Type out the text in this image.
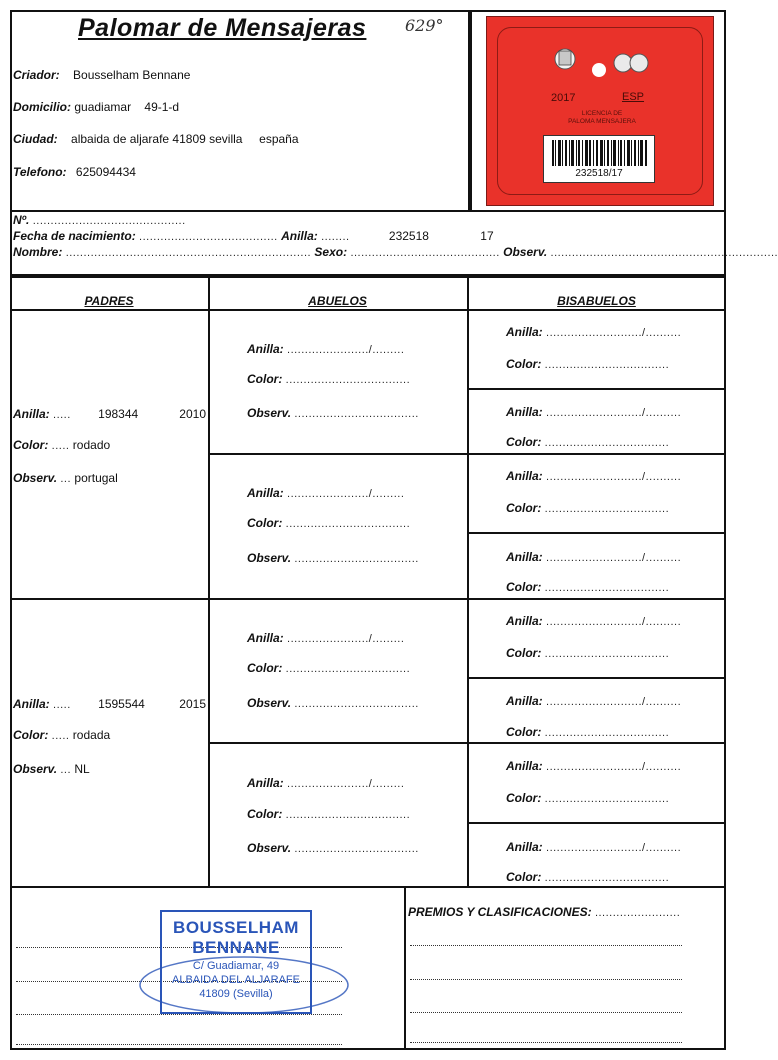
Palomar de Mensajeras 629°
Criador: Bousselham Bennane
Domicilio: guadiamar    49-1-d
Ciudad: albaida de aljarafe 41809 sevilla     españa
Telefono: 625094434
2017	ESP
LICENCIA DE
PALOMA MENSAJERA
232518/17
Nº. ...........................................
Fecha de nacimiento: ....................................... Anilla: ........	232518	17
Nombre: ..................................................................... Sexo: .......................................... Observ. ................................................................
PADRES	ABUELOS	BISABUELOS
Anilla: ..... 198344	2010
Color: ..... rodado
Observ. ... portugal
Anilla: ..... 1595544	2015
Color: ..... rodada
Observ. ... NL
Anilla: ......................./.........
Color: ...................................
Observ. ...................................
Anilla: ......................./.........
Color: ...................................
Observ. ...................................
Anilla: ......................./.........
Color: ...................................
Observ. ...................................
Anilla: ......................./.........
Color: ...................................
Observ. ...................................
Anilla: .........................../..........
Color: ...................................
Anilla: .........................../..........
Color: ...................................
Anilla: .........................../..........
Color: ...................................
Anilla: .........................../..........
Color: ...................................
Anilla: .........................../..........
Color: ...................................
Anilla: .........................../..........
Color: ...................................
Anilla: .........................../..........
Color: ...................................
Anilla: .........................../..........
Color: ...................................
BOUSSELHAM
BENNANE
C/ Guadiamar, 49
ALBAIDA DEL ALJARAFE
41809 (Sevilla)
PREMIOS Y CLASIFICACIONES: ........................
